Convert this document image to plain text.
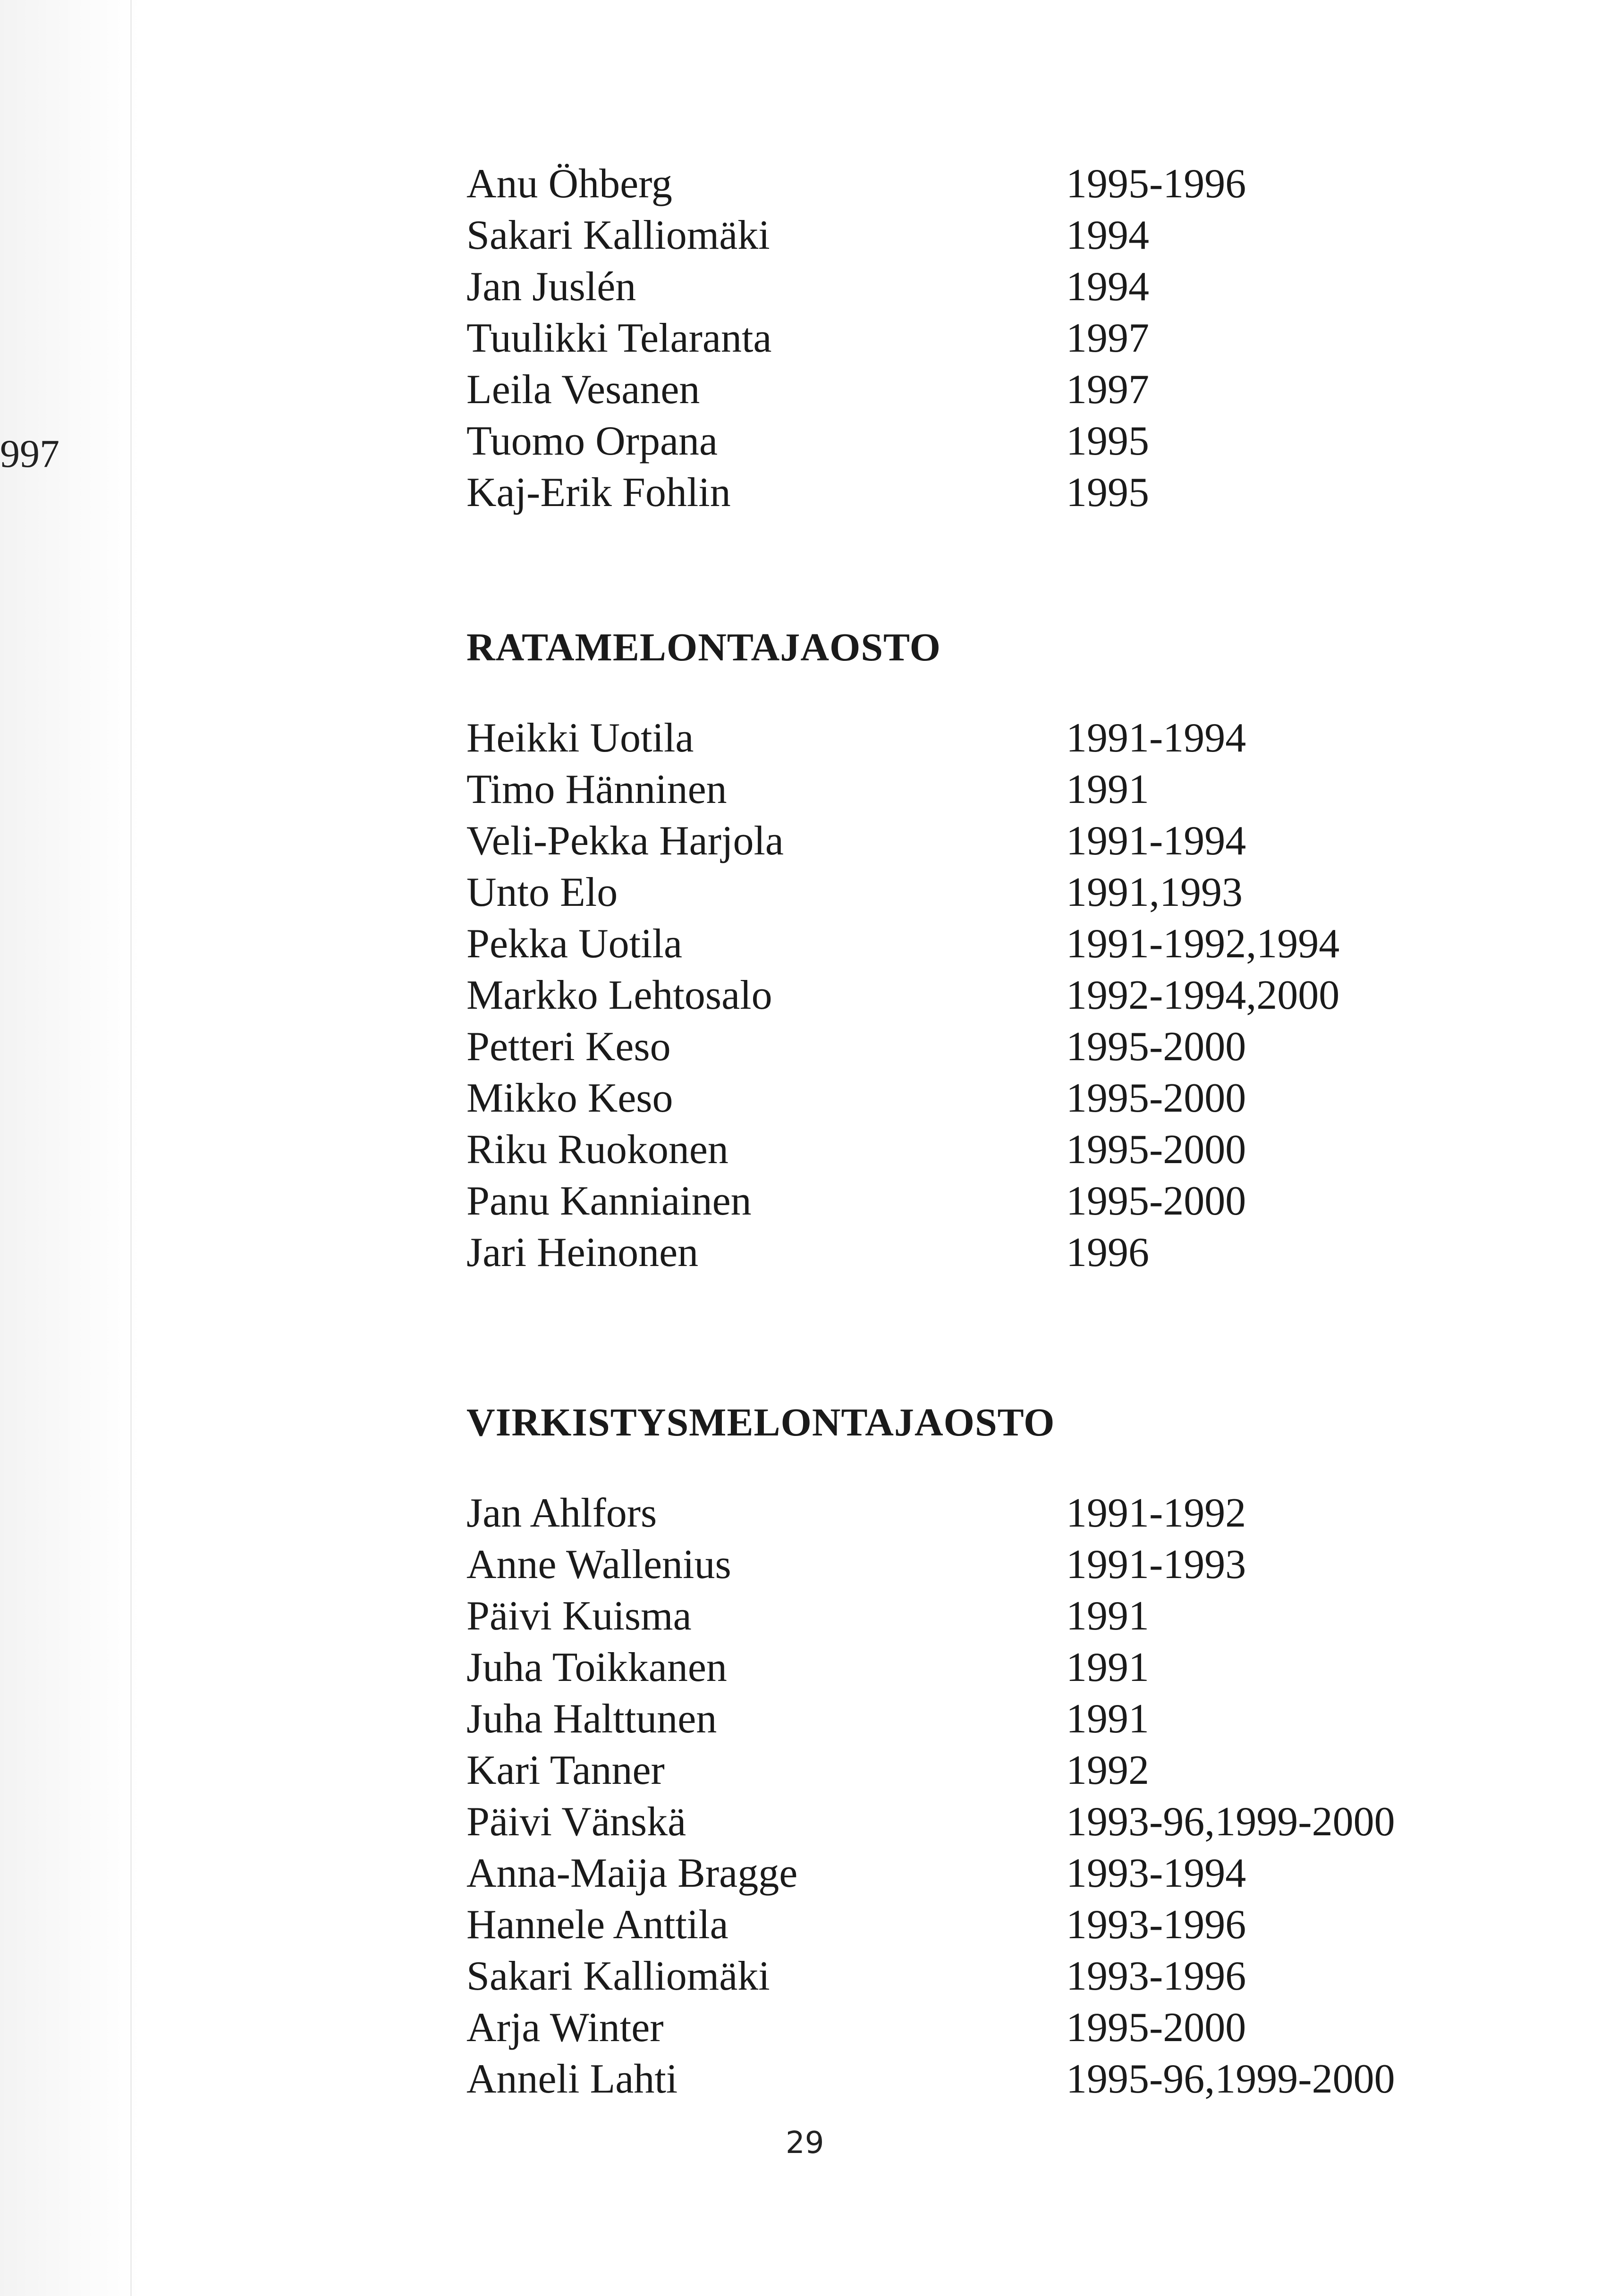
997
Anu Öhberg	1995-1996
Sakari Kalliomäki	1994
Jan Juslén	1994
Tuulikki Telaranta	1997
Leila Vesanen	1997
Tuomo Orpana	1995
Kaj-Erik Fohlin	1995
RATAMELONTAJAOSTO
Heikki Uotila	1991-1994
Timo Hänninen	1991
Veli-Pekka Harjola	1991-1994
Unto Elo	1991,1993
Pekka Uotila	1991-1992,1994
Markko Lehtosalo	1992-1994,2000
Petteri Keso	1995-2000
Mikko Keso	1995-2000
Riku Ruokonen	1995-2000
Panu Kanniainen	1995-2000
Jari Heinonen	1996
VIRKISTYSMELONTAJAOSTO
Jan Ahlfors	1991-1992
Anne Wallenius	1991-1993
Päivi Kuisma	1991
Juha Toikkanen	1991
Juha Halttunen	1991
Kari Tanner	1992
Päivi Vänskä	1993-96,1999-2000
Anna-Maija Bragge	1993-1994
Hannele Anttila	1993-1996
Sakari Kalliomäki	1993-1996
Arja Winter	1995-2000
Anneli Lahti	1995-96,1999-2000
29
